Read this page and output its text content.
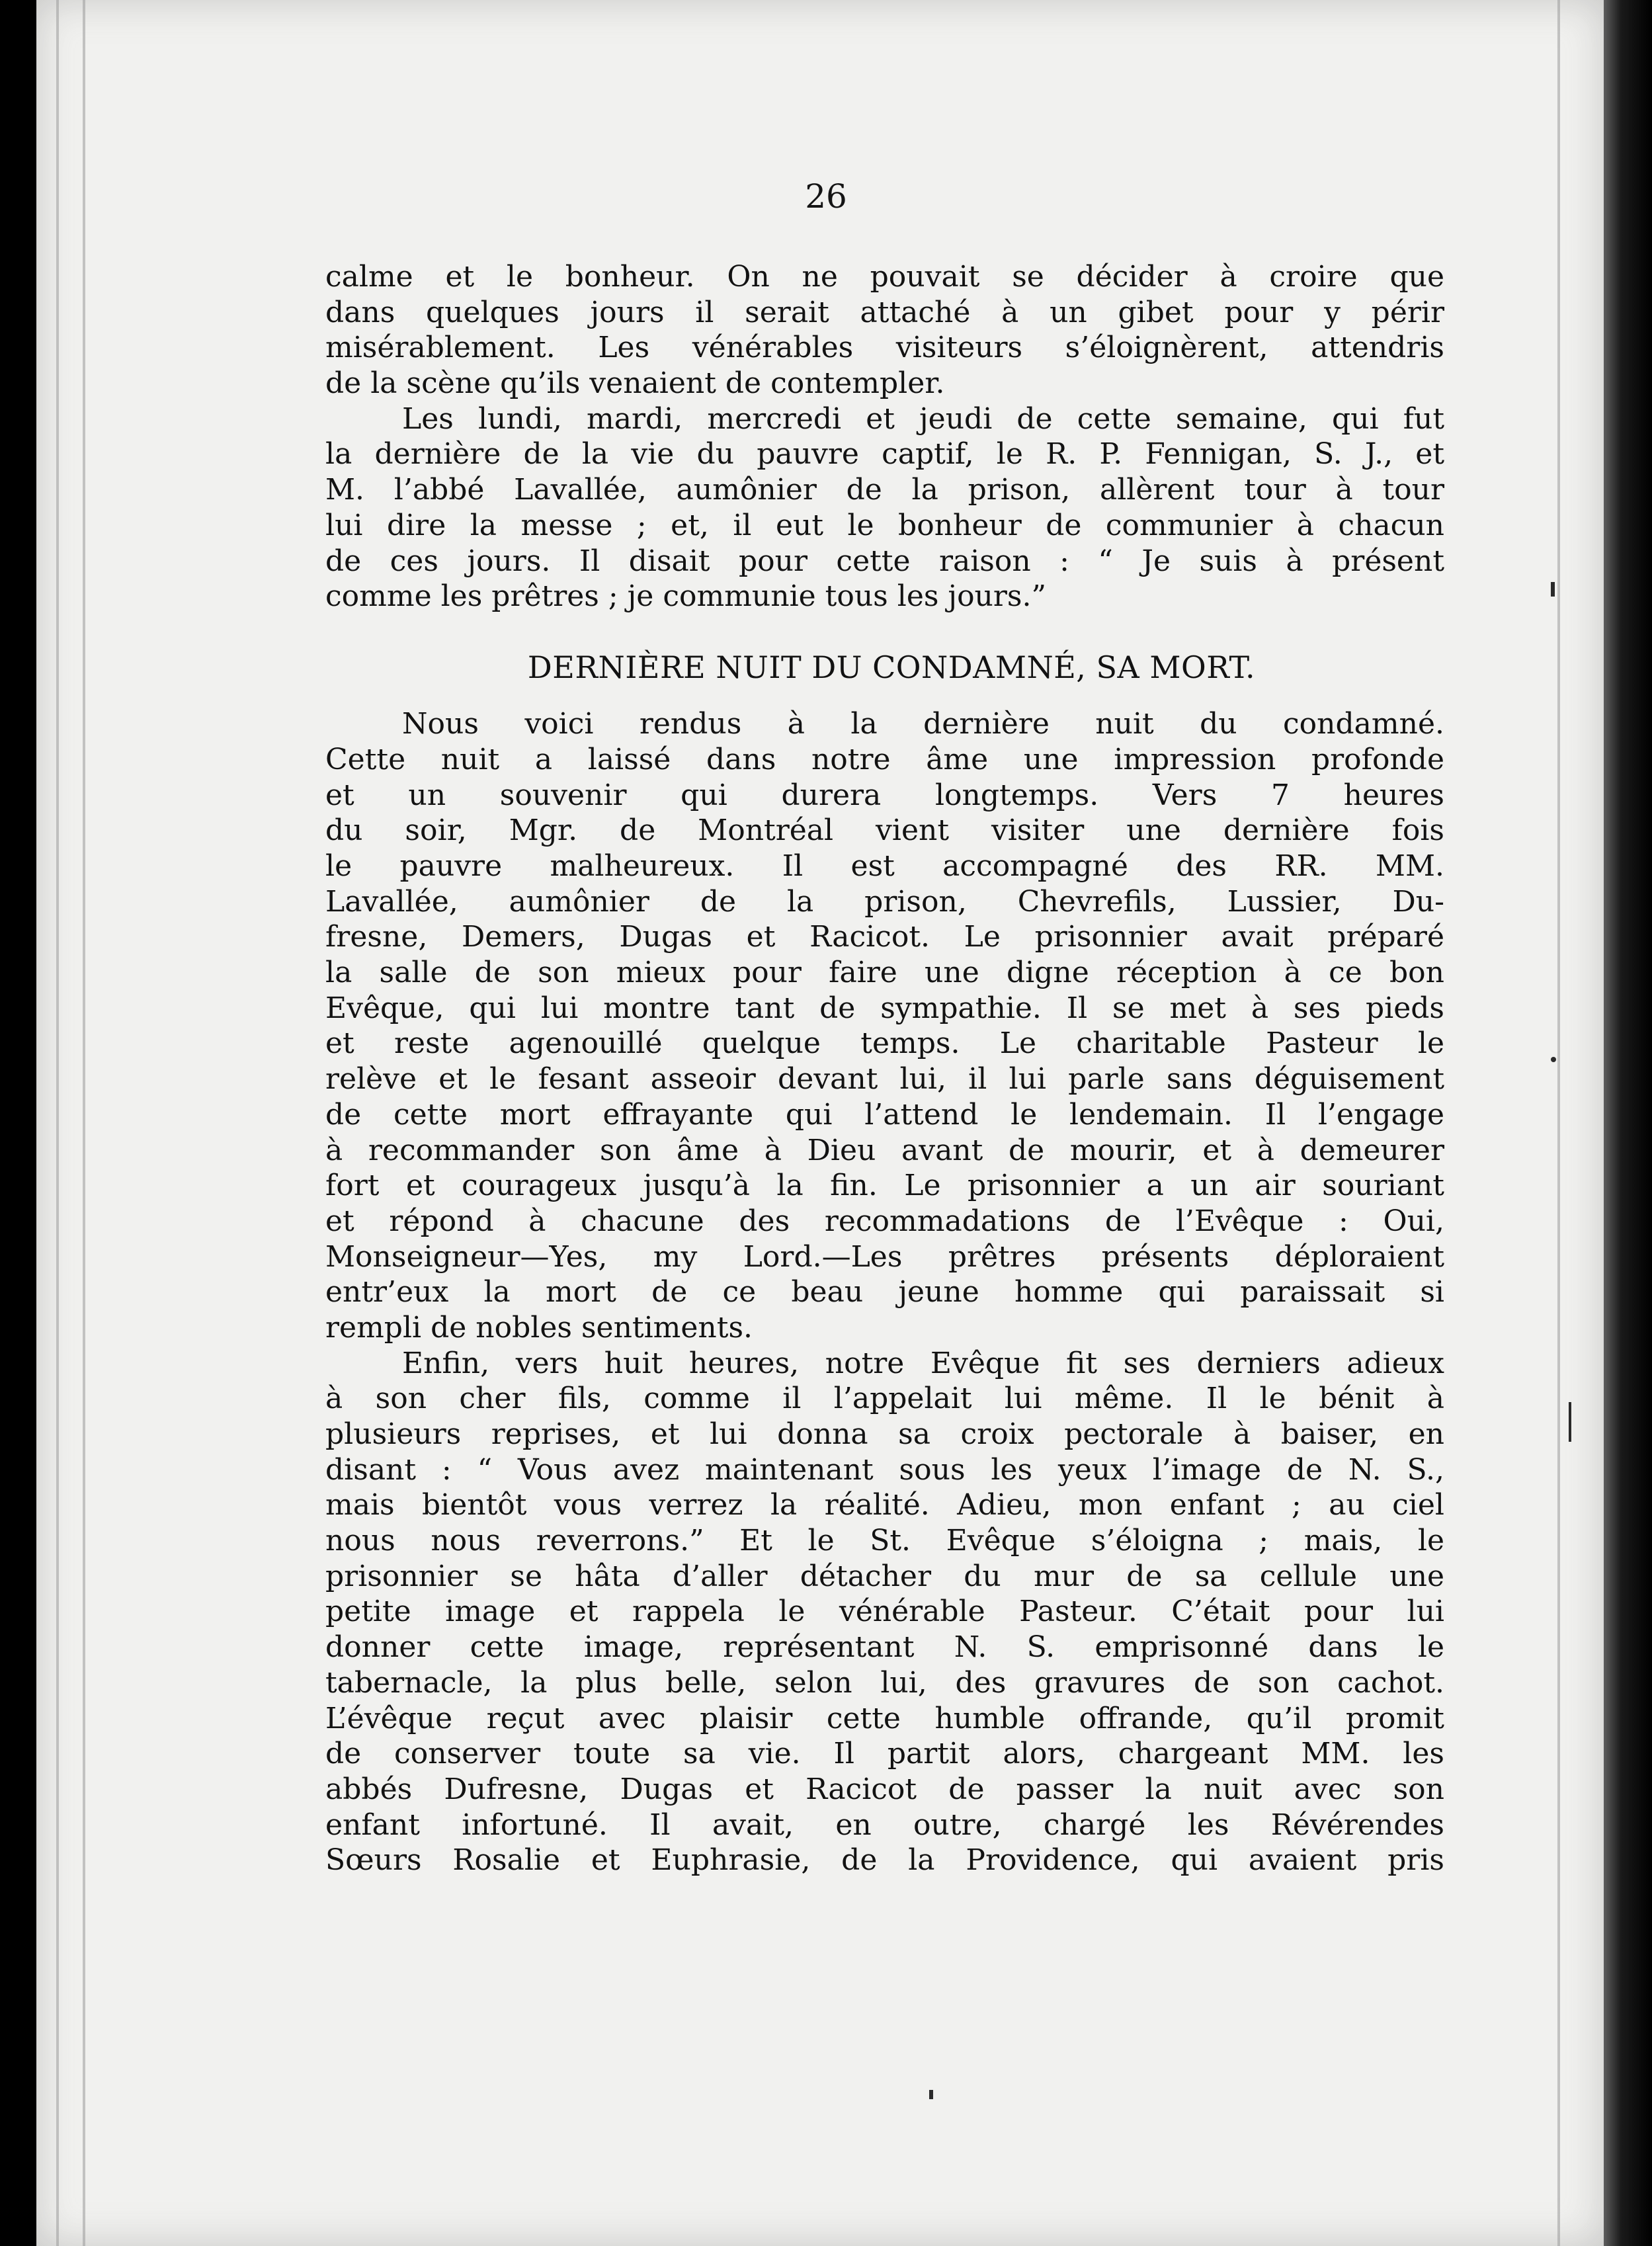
26
calme et le bonheur. On ne pouvait se décider à croire que
dans quelques jours il serait attaché à un gibet pour y périr
misérablement. Les vénérables visiteurs s’éloignèrent, attendris
de la scène qu’ils venaient de contempler.
Les lundi, mardi, mercredi et jeudi de cette semaine, qui fut
la dernière de la vie du pauvre captif, le R. P. Fennigan, S. J., et
M. l’abbé Lavallée, aumônier de la prison, allèrent tour à tour
lui dire la messe ; et, il eut le bonheur de communier à chacun
de ces jours. Il disait pour cette raison : “ Je suis à présent
comme les prêtres ; je communie tous les jours.”
DERNIÈRE NUIT DU CONDAMNÉ, SA MORT.
Nous voici rendus à la dernière nuit du condamné.
Cette nuit a laissé dans notre âme une impression profonde
et un souvenir qui durera longtemps. Vers 7 heures
du soir, Mgr. de Montréal vient visiter une dernière fois
le pauvre malheureux. Il est accompagné des RR. MM.
Lavallée, aumônier de la prison, Chevrefils, Lussier, Du-
fresne, Demers, Dugas et Racicot. Le prisonnier avait préparé
la salle de son mieux pour faire une digne réception à ce bon
Evêque, qui lui montre tant de sympathie. Il se met à ses pieds
et reste agenouillé quelque temps. Le charitable Pasteur le
relève et le fesant asseoir devant lui, il lui parle sans déguisement
de cette mort effrayante qui l’attend le lendemain. Il l’engage
à recommander son âme à Dieu avant de mourir, et à demeurer
fort et courageux jusqu’à la fin. Le prisonnier a un air souriant
et répond à chacune des recommadations de l’Evêque : Oui,
Monseigneur—Yes, my Lord.—Les prêtres présents déploraient
entr’eux la mort de ce beau jeune homme qui paraissait si
rempli de nobles sentiments.
Enfin, vers huit heures, notre Evêque fit ses derniers adieux
à son cher fils, comme il l’appelait lui même. Il le bénit à
plusieurs reprises, et lui donna sa croix pectorale à baiser, en
disant : “ Vous avez maintenant sous les yeux l’image de N. S.,
mais bientôt vous verrez la réalité. Adieu, mon enfant ; au ciel
nous nous reverrons.” Et le St. Evêque s’éloigna ; mais, le
prisonnier se hâta d’aller détacher du mur de sa cellule une
petite image et rappela le vénérable Pasteur. C’était pour lui
donner cette image, représentant N. S. emprisonné dans le
tabernacle, la plus belle, selon lui, des gravures de son cachot.
L’évêque reçut avec plaisir cette humble offrande, qu’il promit
de conserver toute sa vie. Il partit alors, chargeant MM. les
abbés Dufresne, Dugas et Racicot de passer la nuit avec son
enfant infortuné. Il avait, en outre, chargé les Révérendes
Sœurs Rosalie et Euphrasie, de la Providence, qui avaient pris
